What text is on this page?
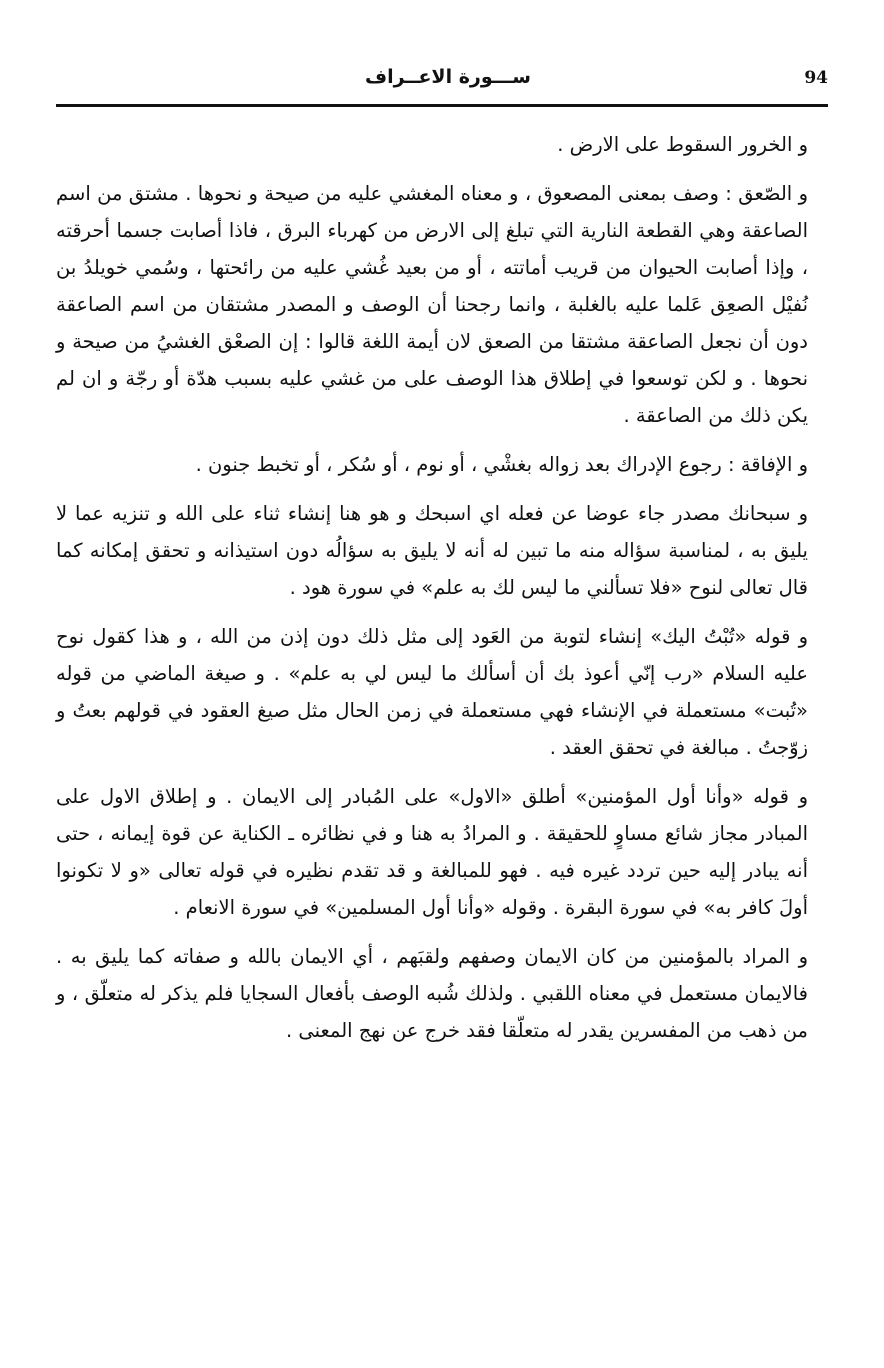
94
ســـورة الاعــراف

و الخرور السقوط على الارض .

و الصّعق : وصف بمعنى المصعوق ، و معناه المغشي عليه من صيحة و نحوها . مشتق من اسم الصاعقة وهي القطعة النارية التي تبلغ إلى الارض من كهرباء البرق ، فاذا أصابت جسما أحرقته ، وإذا أصابت الحيوان من قريب أماتته ، أو من بعيد غُشي عليه من رائحتها ، وسُمي خويلدُ بن نُفيْل الصعِق عَلما عليه بالغلبة ، وانما رجحنا أن الوصف و المصدر مشتقان من اسم الصاعقة دون أن نجعل الصاعقة مشتقا من الصعق لان أيمة اللغة قالوا : إن الصعْق الغشيُ من صيحة و نحوها . و لكن توسعوا في إطلاق هذا الوصف على من غشي عليه بسبب هدّة أو رجّة و ان لم يكن ذلك من الصاعقة .

و الإفاقة : رجوع الإدراك بعد زواله بغشْي ، أو نوم ، أو سُكر ، أو تخبط جنون .

و سبحانك مصدر جاء عوضا عن فعله اي اسبحك و هو هنا إنشاء ثناء على الله و تنزيه عما لا يليق به ، لمناسبة سؤاله منه ما تبين له أنه لا يليق به سؤالُه دون استيذانه و تحقق إمكانه كما قال تعالى لنوح «فلا تسألني ما ليس لك به علم» في سورة هود .

و قوله «تُبْتُ اليك» إنشاء لتوبة من العَود إلى مثل ذلك دون إذن من الله ، و هذا كقول نوح عليه السلام «رب إنّي أعوذ بك أن أسألك ما ليس لي به علم» . و صيغة الماضي من قوله «تُبت» مستعملة في الإنشاء فهي مستعملة في زمن الحال مثل صيغ العقود في قولهم بعتُ و زوّجتُ . مبالغة في تحقق العقد .

و قوله «وأنا أول المؤمنين» أطلق «الاول» على المُبادر إلى الايمان . و إطلاق الاول على المبادر مجاز شائع مساوٍ للحقيقة . و المرادُ به هنا و في نظائره ـ الكناية عن قوة إيمانه ، حتى أنه يبادر إليه حين تردد غيره فيه . فهو للمبالغة و قد تقدم نظيره في قوله تعالى «و لا تكونوا أولَ كافر به» في سورة البقرة . وقوله «وأنا أول المسلمين» في سورة الانعام .

و المراد بالمؤمنين من كان الايمان وصفهم ولقبَهم ، أي الايمان بالله و صفاته كما يليق به . فالايمان مستعمل في معناه اللقبي . ولذلك شُبه الوصف بأفعال السجايا فلم يذكر له متعلّق ، و من ذهب من المفسرين يقدر له متعلّقا فقد خرج عن نهج المعنى .
